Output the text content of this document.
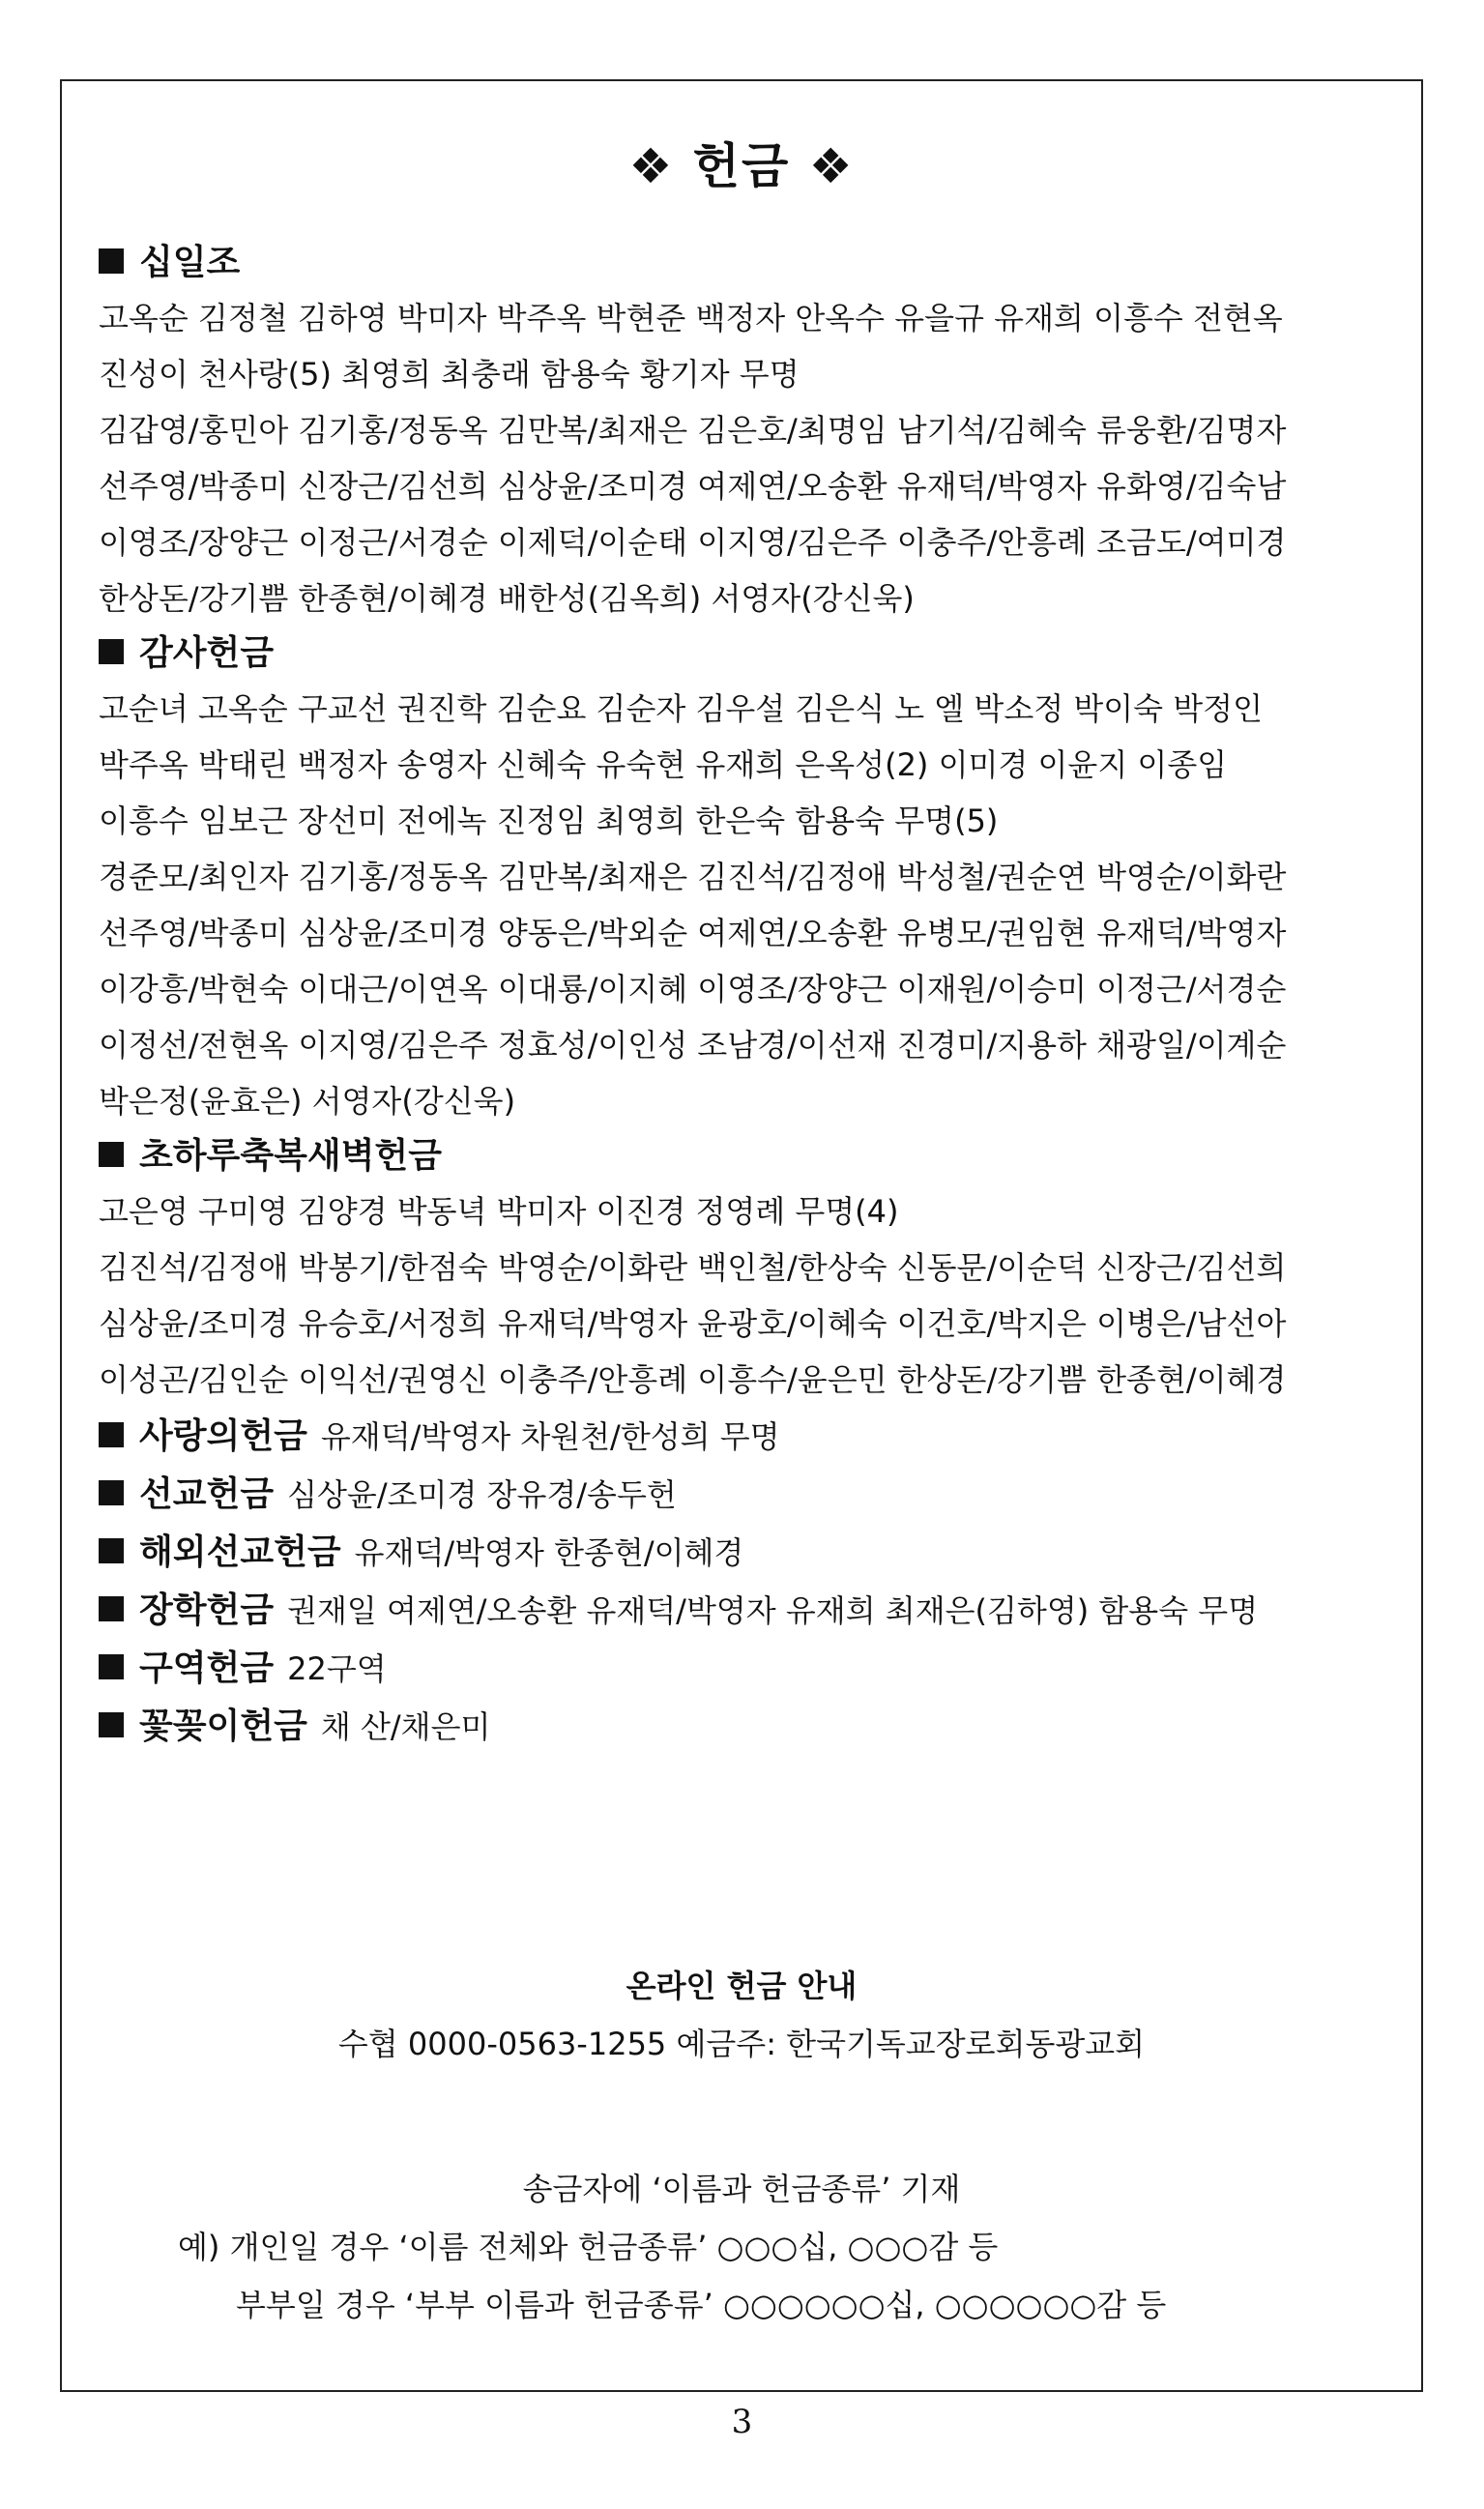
❖ 헌금 ❖
십일조
고옥순 김정철 김하영 박미자 박주옥 박현준 백정자 안옥수 유을규 유재희 이흥수 전현옥
진성이 천사랑(5) 최영희 최충래 함용숙 황기자 무명
김갑영/홍민아 김기홍/정동옥 김만복/최재은 김은호/최명임 남기석/김혜숙 류웅환/김명자
선주영/박종미 신장근/김선희 심상윤/조미경 여제연/오송환 유재덕/박영자 유화영/김숙남
이영조/장양근 이정근/서경순 이제덕/이순태 이지영/김은주 이충주/안흥례 조금도/여미경
한상돈/강기쁨 한종현/이혜경 배한성(김옥희) 서영자(강신욱)
감사헌금
고순녀 고옥순 구교선 권진학 김순요 김순자 김우설 김은식 노 엘 박소정 박이숙 박정인
박주옥 박태린 백정자 송영자 신혜숙 유숙현 유재희 은옥성(2) 이미경 이윤지 이종임
이흥수 임보근 장선미 전에녹 진정임 최영희 한은숙 함용숙 무명(5)
경준모/최인자 김기홍/정동옥 김만복/최재은 김진석/김정애 박성철/권순연 박영순/이화란
선주영/박종미 심상윤/조미경 양동은/박외순 여제연/오송환 유병모/권임현 유재덕/박영자
이강흥/박현숙 이대근/이연옥 이대룡/이지혜 이영조/장양근 이재원/이승미 이정근/서경순
이정선/전현옥 이지영/김은주 정효성/이인성 조남경/이선재 진경미/지용하 채광일/이계순
박은정(윤효은) 서영자(강신욱)
초하루축복새벽헌금
고은영 구미영 김양경 박동녁 박미자 이진경 정영례 무명(4)
김진석/김정애 박봉기/한점숙 박영순/이화란 백인철/한상숙 신동문/이순덕 신장근/김선희
심상윤/조미경 유승호/서정희 유재덕/박영자 윤광호/이혜숙 이건호/박지은 이병은/남선아
이성곤/김인순 이익선/권영신 이충주/안흥례 이흥수/윤은민 한상돈/강기쁨 한종현/이혜경
사랑의헌금 유재덕/박영자 차원천/한성희 무명
선교헌금 심상윤/조미경 장유경/송두헌
해외선교헌금 유재덕/박영자 한종현/이혜경
장학헌금 권재일 여제연/오송환 유재덕/박영자 유재희 최재은(김하영) 함용숙 무명
구역헌금 22구역
꽃꽂이헌금 채 산/채은미
온라인 헌금 안내
수협 0000-0563-1255 예금주: 한국기독교장로회동광교회
송금자에 ‘이름과 헌금종류’ 기재
예) 개인일 경우 ‘이름 전체와 헌금종류’ ○○○십, ○○○감 등
부부일 경우 ‘부부 이름과 헌금종류’ ○○○○○○십, ○○○○○○감 등
3
